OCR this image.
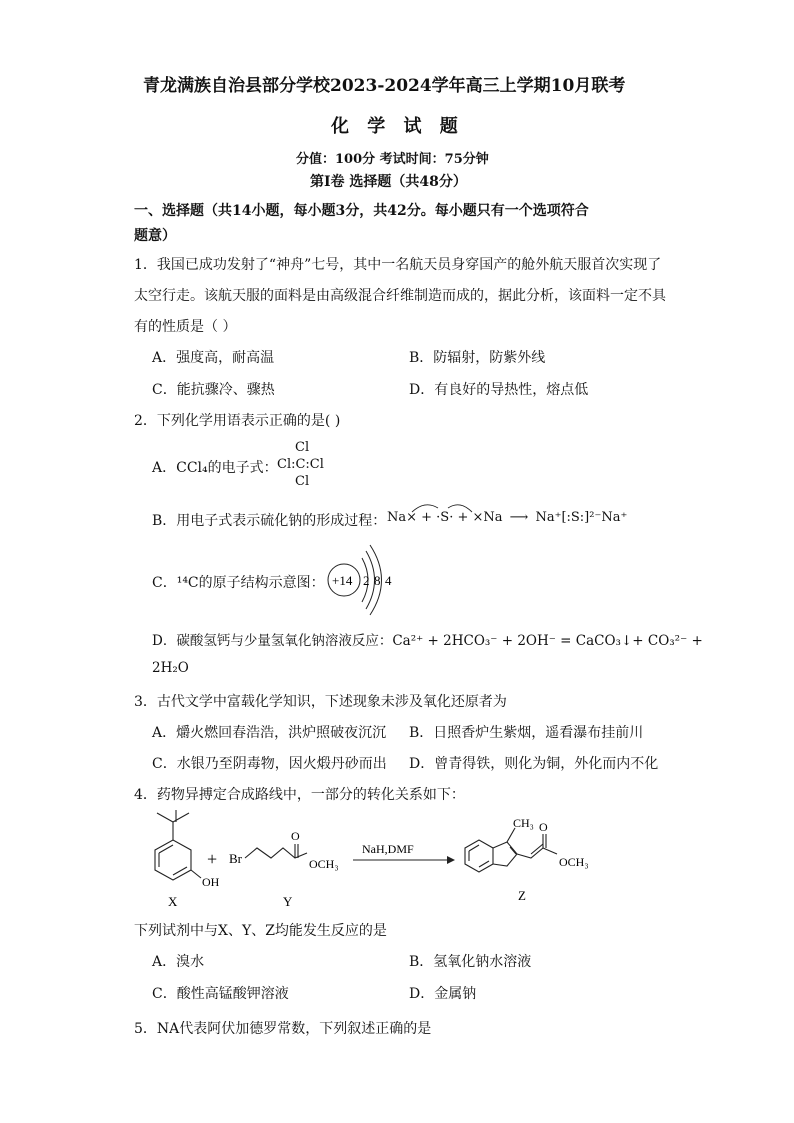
青龙满族自治县部分学校2023-2024学年高三上学期10月联考
化 学 试 题
分值：100分 考试时间：75分钟
第Ⅰ卷 选择题（共48分）
一、选择题（共14小题，每小题3分，共42分。每小题只有一个选项符合
题意）
1．我国已成功发射了“神舟”七号，其中一名航天员身穿国产的舱外航天服首次实现了
太空行走。该航天服的面料是由高级混合纤维制造而成的，据此分析，该面料一定不具
有的性质是（ ）
A．强度高，耐高温	B．防辐射，防紫外线
C．能抗骤冷、骤热	D．有良好的导热性，熔点低
2．下列化学用语表示正确的是( )
A．CCl₄的电子式：
Cl
Cl:C:Cl
Cl
B．用电子式表示硫化钠的形成过程： Na× + ·S· + ×Na ⟶ Na⁺[:S:]²⁻Na⁺
C．¹⁴C的原子结构示意图： +14 2 8 4
D．碳酸氢钙与少量氢氧化钠溶液反应：Ca²⁺ + 2HCO₃⁻ + 2OH⁻ = CaCO₃↓+ CO₃²⁻ +
2H₂O
3．古代文学中富载化学知识，下述现象未涉及氧化还原者为
A．爝火燃回春浩浩，洪炉照破夜沉沉 B．日照香炉生紫烟，遥看瀑布挂前川
C．水银乃至阴毒物，因火煅丹砂而出 D．曾青得铁，则化为铜，外化而内不化
4．药物异搏定合成路线中，一部分的转化关系如下：
OH
X
+ Br
O
OCH₃
Y
NaH,DMF
CH₃ O
OCH₃
Z
下列试剂中与X、Y、Z均能发生反应的是
A．溴水	B．氢氧化钠水溶液
C．酸性高锰酸钾溶液	D．金属钠
5．NA代表阿伏加德罗常数，下列叙述正确的是
